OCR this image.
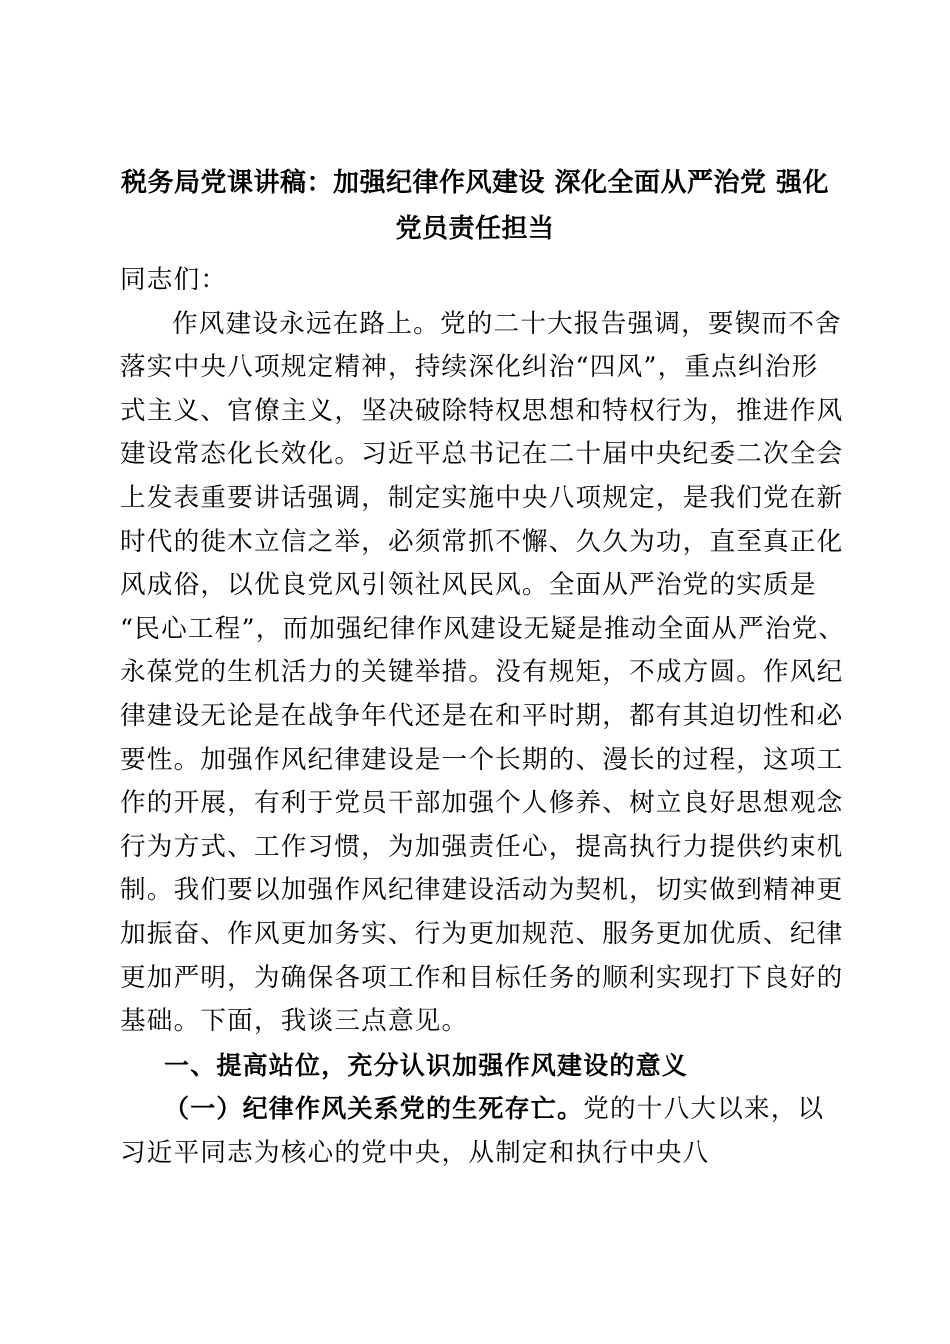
税务局党课讲稿：加强纪律作风建设 深化全面从严治党 强化
党员责任担当

同志们：

作风建设永远在路上。党的二十大报告强调，要锲而不舍

落实中央八项规定精神，持续深化纠治“四风”，重点纠治形

式主义、官僚主义，坚决破除特权思想和特权行为，推进作风

建设常态化长效化。习近平总书记在二十届中央纪委二次全会

上发表重要讲话强调，制定实施中央八项规定，是我们党在新

时代的徙木立信之举，必须常抓不懈、久久为功，直至真正化

风成俗，以优良党风引领社风民风。全面从严治党的实质是

“民心工程”，而加强纪律作风建设无疑是推动全面从严治党、

永葆党的生机活力的关键举措。没有规矩，不成方圆。作风纪

律建设无论是在战争年代还是在和平时期，都有其迫切性和必

要性。加强作风纪律建设是一个长期的、漫长的过程，这项工

作的开展，有利于党员干部加强个人修养、树立良好思想观念

行为方式、工作习惯，为加强责任心，提高执行力提供约束机

制。我们要以加强作风纪律建设活动为契机，切实做到精神更

加振奋、作风更加务实、行为更加规范、服务更加优质、纪律

更加严明，为确保各项工作和目标任务的顺利实现打下良好的

基础。下面，我谈三点意见。

一、提高站位，充分认识加强作风建设的意义

（一）纪律作风关系党的生死存亡。党的十八大以来，以

习近平同志为核心的党中央，从制定和执行中央八
